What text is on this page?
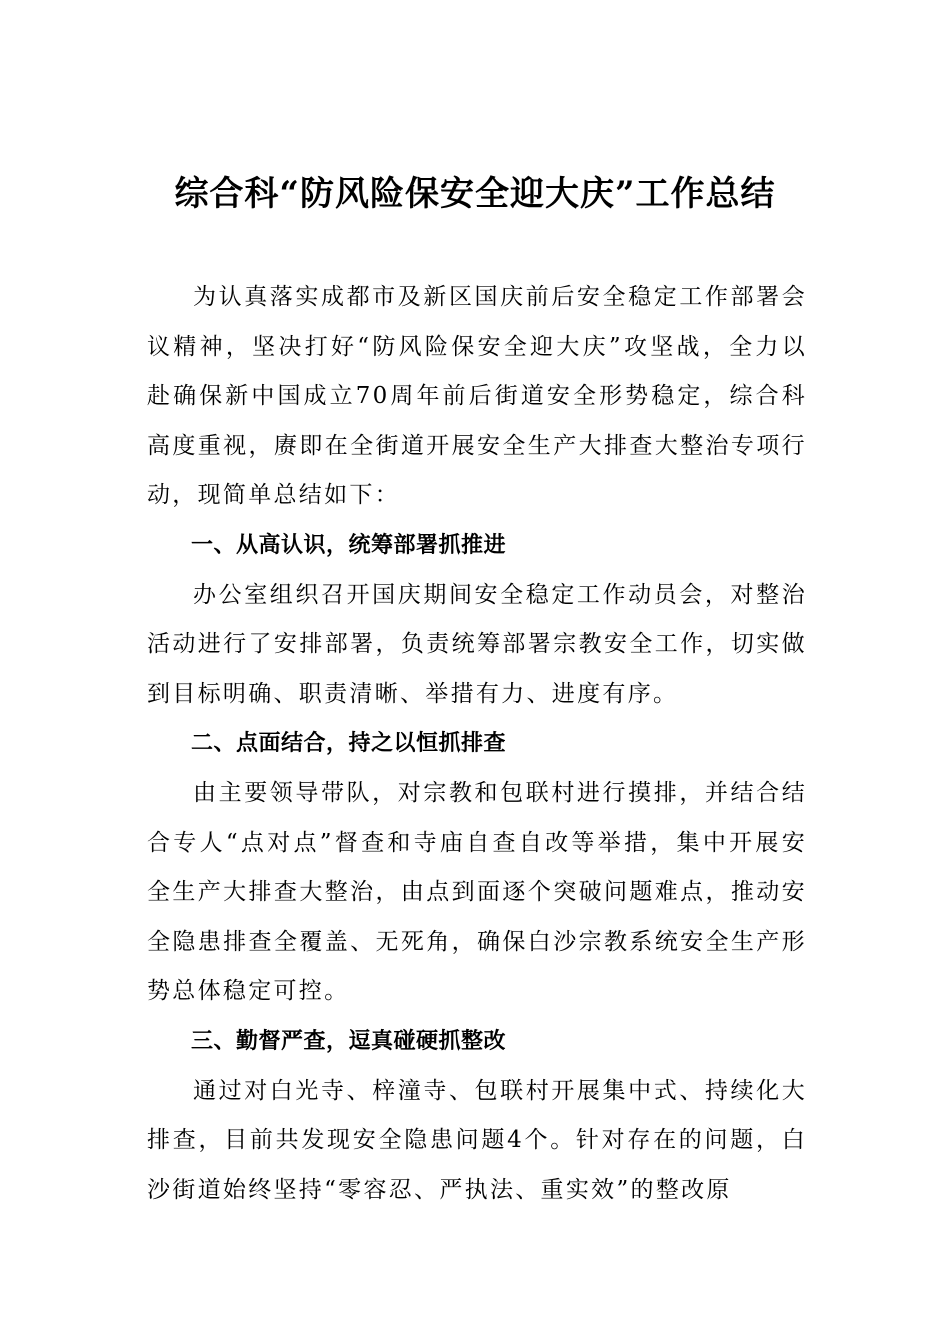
综合科“防风险保安全迎大庆”工作总结

为认真落实成都市及新区国庆前后安全稳定工作部署会议精神，坚决打好“防风险保安全迎大庆”攻坚战，全力以赴确保新中国成立70周年前后街道安全形势稳定，综合科高度重视，赓即在全街道开展安全生产大排查大整治专项行动，现简单总结如下：

一、从高认识，统筹部署抓推进

办公室组织召开国庆期间安全稳定工作动员会，对整治活动进行了安排部署，负责统筹部署宗教安全工作，切实做到目标明确、职责清晰、举措有力、进度有序。

二、点面结合，持之以恒抓排查

由主要领导带队，对宗教和包联村进行摸排，并结合结合专人“点对点”督查和寺庙自查自改等举措，集中开展安全生产大排查大整治，由点到面逐个突破问题难点，推动安全隐患排查全覆盖、无死角，确保白沙宗教系统安全生产形势总体稳定可控。

三、勤督严查，逗真碰硬抓整改

通过对白光寺、梓潼寺、包联村开展集中式、持续化大排查，目前共发现安全隐患问题4个。针对存在的问题，白沙街道始终坚持“零容忍、严执法、重实效”的整改原
